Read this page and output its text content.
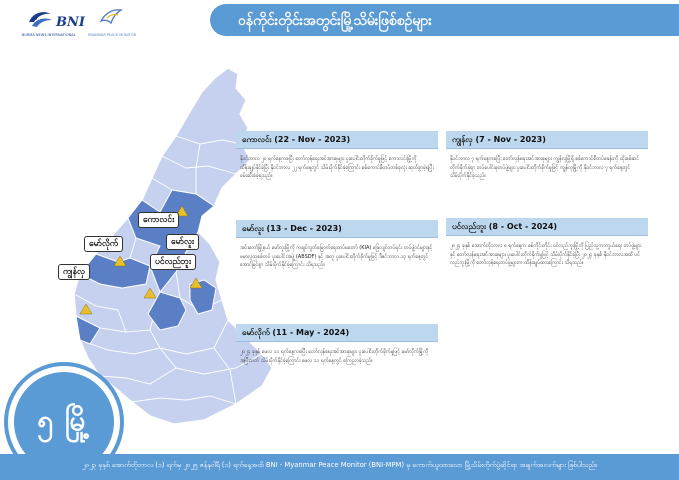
BNI
BURMA NEWS INTERNATIONAL	MYANMAR PEACE MONITOR
ဝန်ကိုင်းတိုင်းအတွင်းမြို့သိမ်းဖြစ်စဉ်များ
ကောလင်း
မော်လိုက်
ကျွန်လှ
ပင်လည်ဘူး
မော်လူး
၅ မြို့
ကောလင်း (22 - Nov - 2023)
နိုဝင်ဘာလ ၂၀ ရက်နေ့ကစပြီး တော်လှန်ရေးအင်အားစုများ ပူးပေါင်းတိုက်ခိုက်မှုဖြင့် ကောလင်းမြို့ကို ထိန်းချုပ်နိုင်ခဲ့ပြီး နိုဝင်ဘာလ ၂၂ ရက်နေ့တွင် သိမ်းပိုက်နိုင်ခဲ့ကြောင်း စစ်ကောင်စီတပ်တစ်ခုလုံး ဆုတ်ခွာခဲ့ရပြီး ဖမ်းဆီးခံခဲ့ရသည်။
ကျွန်လှ (7 - Nov - 2023)
နိုဝင်ဘာလ ၇ ရက်နေ့ကစပြီး တော်လှန်ရေးအင်အားစုများ ကျွန်လှမြို့ရှိ စစ်ကောင်စီတပ်စခန်းကို ထိုးစစ်ဆင်တိုက်ခိုက်ခဲ့ရာ တပ်ပေါင်းစုတပ်ဖွဲ့များ ပူးပေါင်းတိုက်ခိုက်မှုဖြင့် ကျွန်လှမြို့ကို နိုဝင်ဘာလ ၇ ရက်နေ့တွင် သိမ်းပိုက်နိုင်ခဲ့သည်။
မော်လူး (13 - Dec - 2023)
အင်းတော်မြို့နယ် မော်လူးမြို့ကို ကချင်လွတ်မြောက်ရေးတပ်မတော် (KIA) ခြေလျင်တပ်ရင်း တပ်ဖွဲ့ဝင်များနှင့် ဗမာလူထုစစ်တပ် ပူးပေါင်းအဖွဲ့ (ABSDF) နှင့် အတူ ပူးပေါင်းတိုက်ခိုက်မှုဖြင့် ဒီဇင်ဘာလ ၁၃ ရက်နေ့တွင် အောင်မြင်စွာ သိမ်းပိုက်နိုင်ခဲ့ကြောင်း သိရသည်။
ပင်လည်ဘူး (8 - Oct - 2024)
၂၀၂၄ ခုနှစ် အောက်တိုဘာလ ၈ ရက်နေ့က စစ်ကိုင်းတိုင်း ပင်လည်ဘူးမြို့ကို ပြည်သူ့ကာကွယ်ရေး တပ်ဖွဲ့များနှင့် တော်လှန်ရေးအင်အားစုများ ပူးပေါင်းတိုက်ခိုက်မှုဖြင့် သိမ်းပိုက်နိုင်ခဲ့ပြီး ၂၀၂၄ ခုနှစ် နိုဝင်ဘာလအထိ ပင်လည်ဘူးမြို့ကို တော်လှန်ရေးတပ်ဖွဲ့များက ထိန်းချုပ်ထားကြောင်း သိရသည်။
မော်လိုက် (11 - May - 2024)
၂၀၂၄ ခုနှစ် မေလ ၁၁ ရက်နေ့ကစပြီး တော်လှန်ရေးအင်အားစုများ ပူးပေါင်းတိုက်ခိုက်မှုဖြင့် မော်လိုက်မြို့ကို အပြီးသတ် သိမ်းပိုက်နိုင်ခဲ့ကြောင်း မေလ ၁၁ ရက်နေ့တွင် ကြေညာခဲ့သည်။
၂၀၂၃ ခုနှစ် အောက်တိုဘာလ (၁) ရက်မှ ၂၀၂၅ ဇန်နဝါရီ (၁) ရက်နေ့အထိ BNI - Myanmar Peace Monitor (BNI-MPM) မှ ကောက်ယူထားသော မြို့သိမ်းတိုက်ပွဲဆိုင်ရာ အချက်အလက်များ ဖြစ်ပါသည်။
